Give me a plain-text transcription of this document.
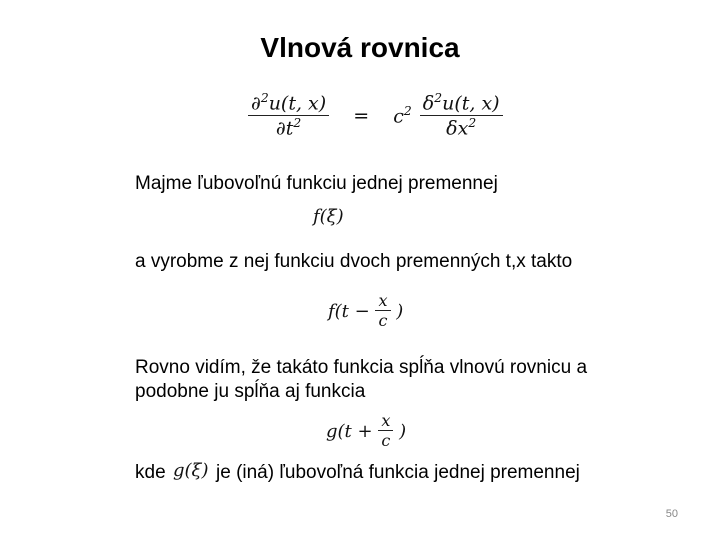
Vlnová rovnica
$\frac{\partial^2u(t, x)}{\partial t^2} = c^2 \frac{\delta^2u(t, x)}{\delta x^2}$
Majme ľubovoľnú funkciu jednej premennej
f(ξ)
a vyrobme z nej funkciu dvoch premenných t,x takto
$f(t - \frac{x}{c}$ )
Rovno vidím, že takáto funkcia spĺňa vlnovú rovnicu a
podobne ju spĺňa aj funkcia
$g(t + \frac{x}{c}$ )
kde g(ξ) je (iná) ľubovoľná funkcia jednej premennej
50
